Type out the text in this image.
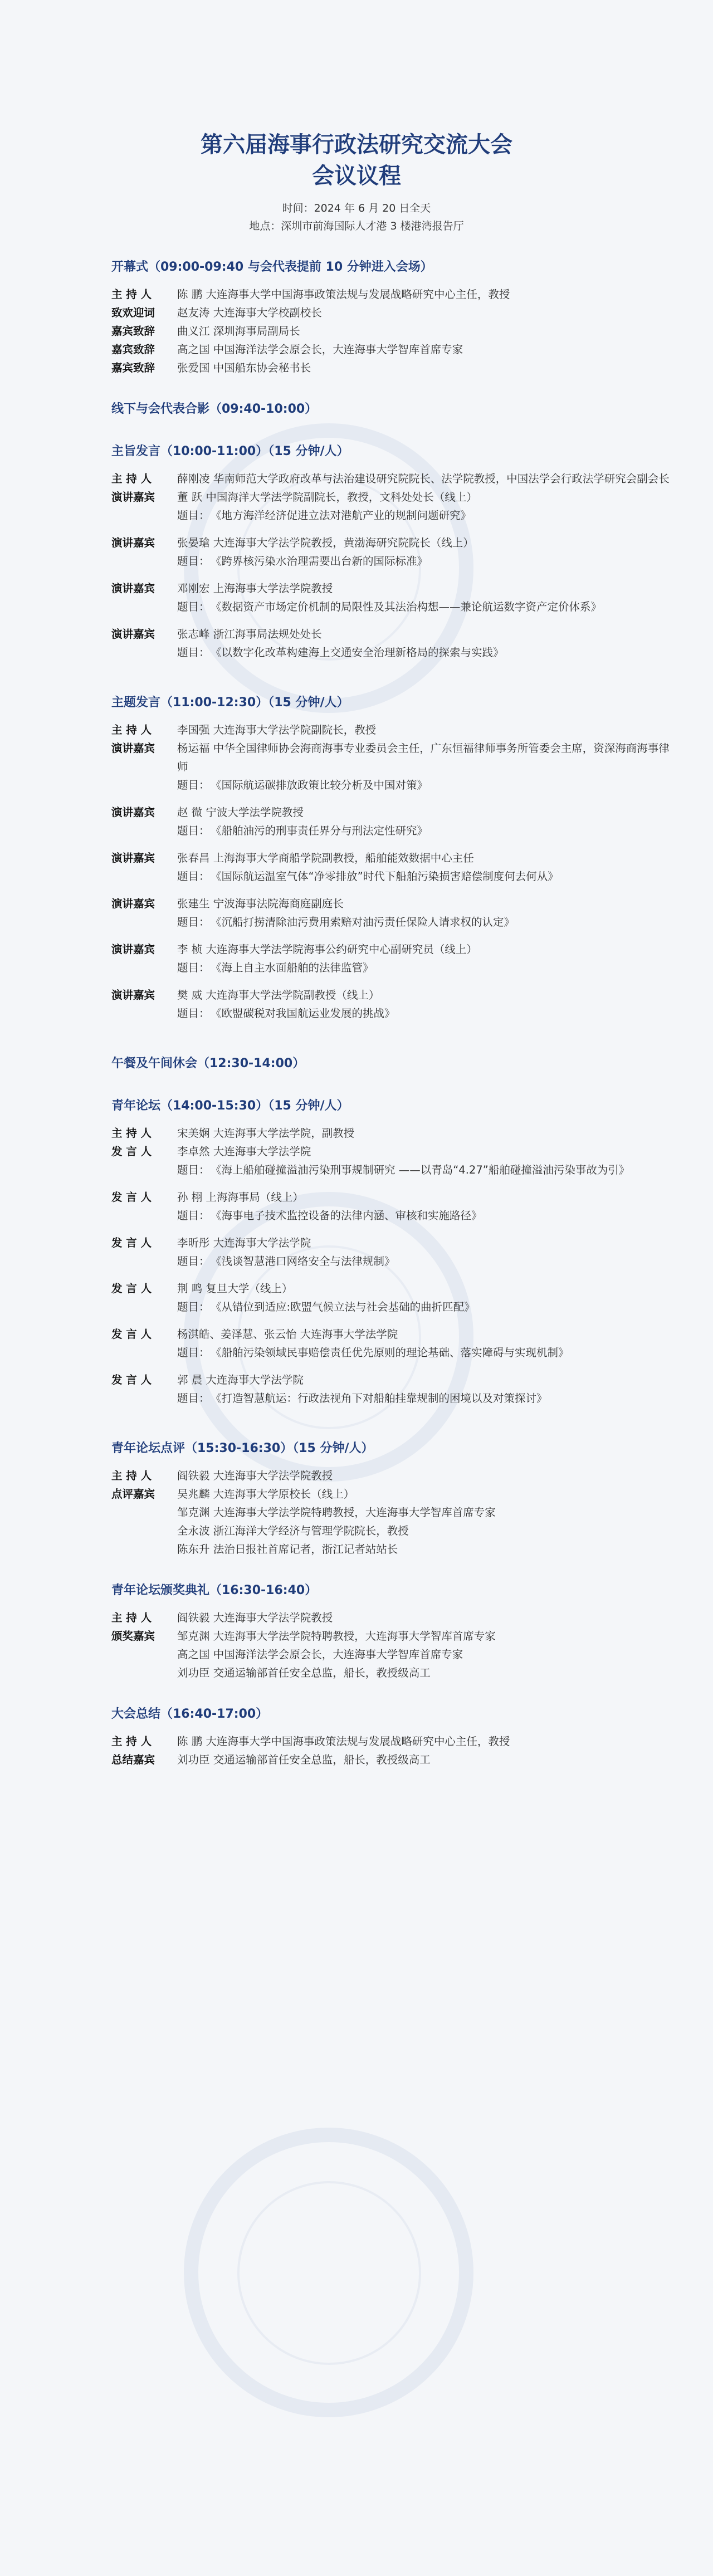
第六届海事行政法研究交流大会
会议议程
时间：2024 年 6 月 20 日全天
地点：深圳市前海国际人才港 3 楼港湾报告厅
开幕式（09:00-09:40 与会代表提前 10 分钟进入会场）
主 持 人	陈 鹏 大连海事大学中国海事政策法规与发展战略研究中心主任，教授
致欢迎词	赵友涛 大连海事大学校副校长
嘉宾致辞	曲义江 深圳海事局副局长
嘉宾致辞	高之国 中国海洋法学会原会长，大连海事大学智库首席专家
嘉宾致辞	张爱国 中国船东协会秘书长
线下与会代表合影（09:40-10:00）
主旨发言（10:00-11:00）（15 分钟/人）
主 持 人	薛刚凌 华南师范大学政府改革与法治建设研究院院长、法学院教授，中国法学会行政法学研究会副会长
演讲嘉宾	董 跃 中国海洋大学法学院副院长，教授，文科处处长（线上）
题目： 《地方海洋经济促进立法对港航产业的规制问题研究》
演讲嘉宾	张晏瑲 大连海事大学法学院教授，黄渤海研究院院长（线上）
题目： 《跨界核污染水治理需要出台新的国际标准》
演讲嘉宾	邓刚宏 上海海事大学法学院教授
题目： 《数据资产市场定价机制的局限性及其法治构想——兼论航运数字资产定价体系》
演讲嘉宾	张志峰 浙江海事局法规处处长
题目： 《以数字化改革构建海上交通安全治理新格局的探索与实践》
主题发言（11:00-12:30）（15 分钟/人）
主 持 人	李国强 大连海事大学法学院副院长，教授
演讲嘉宾	杨运福 中华全国律师协会海商海事专业委员会主任，广东恒福律师事务所管委会主席，资深海商海事律师
题目： 《国际航运碳排放政策比较分析及中国对策》
演讲嘉宾	赵 微 宁波大学法学院教授
题目： 《船舶油污的刑事责任界分与刑法定性研究》
演讲嘉宾	张春昌 上海海事大学商船学院副教授，船舶能效数据中心主任
题目： 《国际航运温室气体“净零排放”时代下船舶污染损害赔偿制度何去何从》
演讲嘉宾	张建生 宁波海事法院海商庭副庭长
题目： 《沉船打捞清除油污费用索赔对油污责任保险人请求权的认定》
演讲嘉宾	李 桢 大连海事大学法学院海事公约研究中心副研究员（线上）
题目： 《海上自主水面船舶的法律监管》
演讲嘉宾	樊 威 大连海事大学法学院副教授（线上）
题目： 《欧盟碳税对我国航运业发展的挑战》
午餐及午间休会（12:30-14:00）
青年论坛（14:00-15:30）（15 分钟/人）
主 持 人	宋美娴 大连海事大学法学院，副教授
发 言 人	李卓然 大连海事大学法学院
题目： 《海上船舶碰撞溢油污染刑事规制研究 ——以青岛“4.27”船舶碰撞溢油污染事故为引》
发 言 人	孙 栩 上海海事局（线上）
题目： 《海事电子技术监控设备的法律内涵、审核和实施路径》
发 言 人	李昕彤 大连海事大学法学院
题目： 《浅谈智慧港口网络安全与法律规制》
发 言 人	荆 鸣 复旦大学（线上）
题目： 《从错位到适应:欧盟气候立法与社会基础的曲折匹配》
发 言 人	杨淇皓、姜泽慧、张云怡 大连海事大学法学院
题目： 《船舶污染领域民事赔偿责任优先原则的理论基础、落实障碍与实现机制》
发 言 人	郭 晨 大连海事大学法学院
题目： 《打造智慧航运：行政法视角下对船舶挂靠规制的困境以及对策探讨》
青年论坛点评（15:30-16:30）（15 分钟/人）
主 持 人	阎铁毅 大连海事大学法学院教授
点评嘉宾	吴兆麟 大连海事大学原校长（线上）
邹克渊 大连海事大学法学院特聘教授，大连海事大学智库首席专家
全永波 浙江海洋大学经济与管理学院院长，教授
陈东升 法治日报社首席记者，浙江记者站站长
青年论坛颁奖典礼（16:30-16:40）
主 持 人	阎铁毅 大连海事大学法学院教授
颁奖嘉宾	邹克渊 大连海事大学法学院特聘教授，大连海事大学智库首席专家
高之国 中国海洋法学会原会长，大连海事大学智库首席专家
刘功臣 交通运输部首任安全总监，船长，教授级高工
大会总结（16:40-17:00）
主 持 人	陈 鹏 大连海事大学中国海事政策法规与发展战略研究中心主任，教授
总结嘉宾	刘功臣 交通运输部首任安全总监，船长，教授级高工
